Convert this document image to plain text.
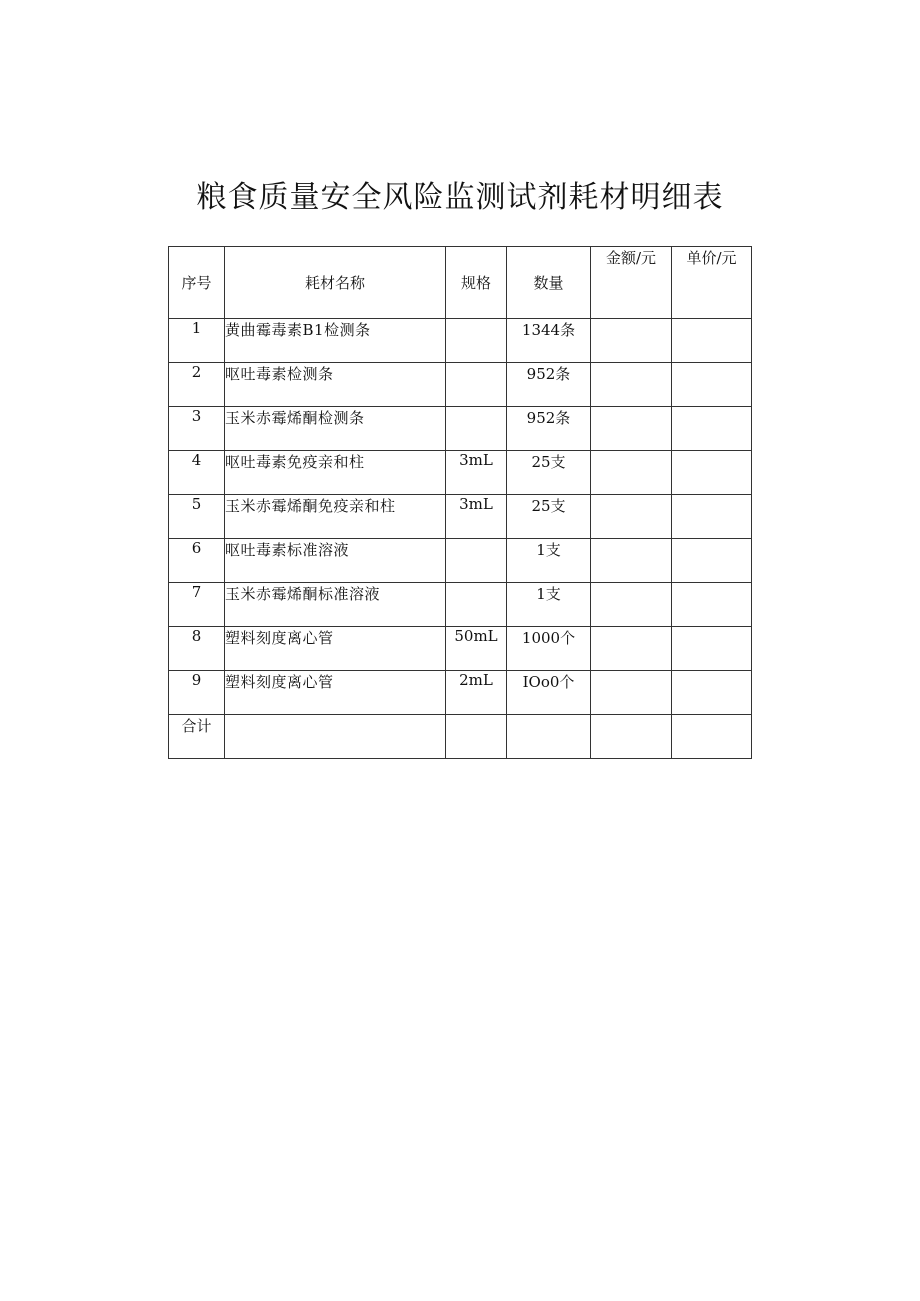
粮食质量安全风险监测试剂耗材明细表
序号	耗材名称	规格	数量	金额/元	单价/元
1	黄曲霉毒素B1检测条		1344条		
2	呕吐毒素检测条		952条		
3	玉米赤霉烯酮检测条		952条		
4	呕吐毒素免疫亲和柱	3mL	25支		
5	玉米赤霉烯酮免疫亲和柱	3mL	25支		
6	呕吐毒素标准溶液		1支		
7	玉米赤霉烯酮标准溶液		1支		
8	塑料刻度离心管	50mL	1000个		
9	塑料刻度离心管	2mL	IOo0个		
合计					
